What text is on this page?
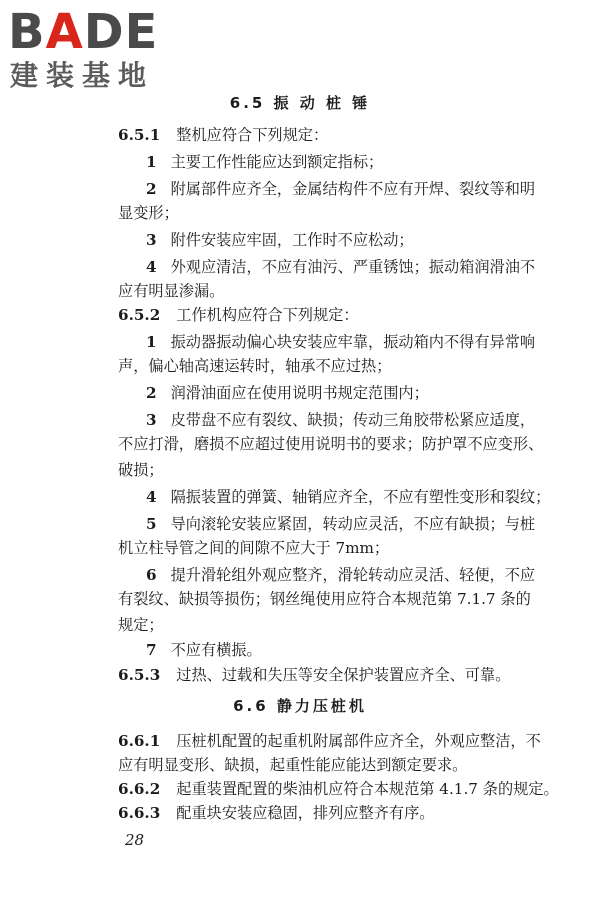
BADE
建装基地
6.5 振 动 桩 锤
6.5.1 整机应符合下列规定：
1 主要工作性能应达到额定指标；
2 附属部件应齐全，金属结构件不应有开焊、裂纹等和明
显变形；
3 附件安装应牢固，工作时不应松动；
4 外观应清洁，不应有油污、严重锈蚀；振动箱润滑油不
应有明显渗漏。
6.5.2 工作机构应符合下列规定：
1 振动器振动偏心块安装应牢靠，振动箱内不得有异常响
声，偏心轴高速运转时，轴承不应过热；
2 润滑油面应在使用说明书规定范围内；
3 皮带盘不应有裂纹、缺损；传动三角胶带松紧应适度，
不应打滑，磨损不应超过使用说明书的要求；防护罩不应变形、
破损；
4 隔振装置的弹簧、轴销应齐全，不应有塑性变形和裂纹；
5 导向滚轮安装应紧固，转动应灵活，不应有缺损；与桩
机立柱导管之间的间隙不应大于 7mm；
6 提升滑轮组外观应整齐，滑轮转动应灵活、轻便，不应
有裂纹、缺损等损伤；钢丝绳使用应符合本规范第 7.1.7 条的
规定；
7 不应有横振。
6.5.3 过热、过载和失压等安全保护装置应齐全、可靠。
6.6 静力压桩机
6.6.1 压桩机配置的起重机附属部件应齐全，外观应整洁，不
应有明显变形、缺损，起重性能应能达到额定要求。
6.6.2 起重装置配置的柴油机应符合本规范第 4.1.7 条的规定。
6.6.3 配重块安装应稳固，排列应整齐有序。
28
